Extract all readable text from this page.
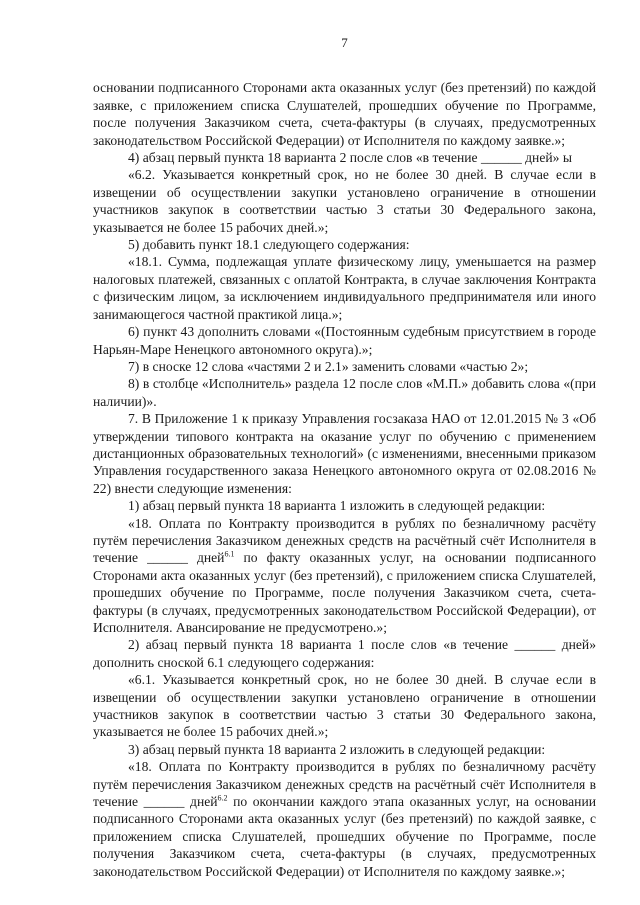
7

основании подписанного Сторонами акта оказанных услуг (без претензий) по каждой заявке, с приложением списка Слушателей, прошедших обучение по Программе, после получения Заказчиком счета, счета-фактуры (в случаях, предусмотренных законодательством Российской Федерации) от Исполнителя по каждому заявке.»;

4) абзац первый пункта 18 варианта 2 после слов «в течение ______ дней» ы

«6.2. Указывается конкретный срок, но не более 30 дней. В случае если в извещении об осуществлении закупки установлено ограничение в отношении участников закупок в соответствии частью 3 статьи 30 Федерального закона, указывается не более 15 рабочих дней.»;

5) добавить пункт 18.1 следующего содержания:

«18.1. Сумма, подлежащая уплате физическому лицу, уменьшается на размер налоговых платежей, связанных с оплатой Контракта, в случае заключения Контракта с физическим лицом, за исключением индивидуального предпринимателя или иного занимающегося частной практикой лица.»;

6) пункт 43 дополнить словами «(Постоянным судебным присутствием в городе Нарьян-Маре Ненецкого автономного округа).»;

7) в сноске 12 слова «частями 2 и 2.1» заменить словами «частью 2»;

8) в столбце «Исполнитель» раздела 12 после слов «М.П.» добавить слова «(при наличии)».

7. В Приложение 1 к приказу Управления госзаказа НАО от 12.01.2015 № 3 «Об утверждении типового контракта на оказание услуг по обучению с применением дистанционных образовательных технологий» (с изменениями, внесенными приказом Управления государственного заказа Ненецкого автономного округа от 02.08.2016 № 22) внести следующие изменения:

1) абзац первый пункта 18 варианта 1 изложить в следующей редакции:

«18. Оплата по Контракту производится в рублях по безналичному расчёту путём перечисления Заказчиком денежных средств на расчётный счёт Исполнителя в течение ______ дней$^{6.1}$ по факту оказанных услуг, на основании подписанного Сторонами акта оказанных услуг (без претензий), с приложением списка Слушателей, прошедших обучение по Программе, после получения Заказчиком счета, счета-фактуры (в случаях, предусмотренных законодательством Российской Федерации), от Исполнителя. Авансирование не предусмотрено.»;

2) абзац первый пункта 18 варианта 1 после слов «в течение ______ дней» дополнить сноской 6.1 следующего содержания:

«6.1. Указывается конкретный срок, но не более 30 дней. В случае если в извещении об осуществлении закупки установлено ограничение в отношении участников закупок в соответствии частью 3 статьи 30 Федерального закона, указывается не более 15 рабочих дней.»;

3) абзац первый пункта 18 варианта 2 изложить в следующей редакции:

«18. Оплата по Контракту производится в рублях по безналичному расчёту путём перечисления Заказчиком денежных средств на расчётный счёт Исполнителя в течение ______ дней$^{6.2}$ по окончании каждого этапа оказанных услуг, на основании подписанного Сторонами акта оказанных услуг (без претензий) по каждой заявке, с приложением списка Слушателей, прошедших обучение по Программе, после получения Заказчиком счета, счета-фактуры (в случаях, предусмотренных законодательством Российской Федерации) от Исполнителя по каждому заявке.»;
